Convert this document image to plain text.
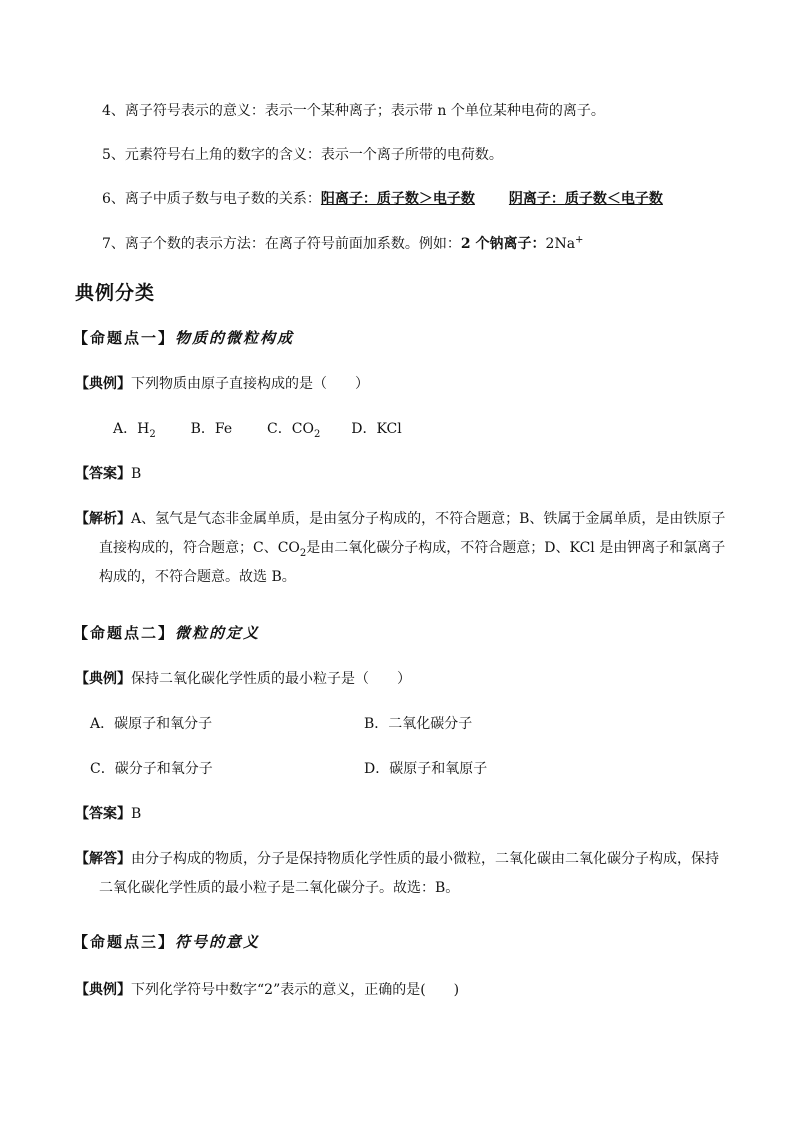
4、离子符号表示的意义：表示一个某种离子；表示带 n 个单位某种电荷的离子。
5、元素符号右上角的数字的含义：表示一个离子所带的电荷数。
6、离子中质子数与电子数的关系：阳离子：质子数＞电子数 阴离子：质子数＜电子数
7、离子个数的表示方法：在离子符号前面加系数。例如：2 个钠离子：2Na+
典例分类
【命题点一】物质的微粒构成
【典例】下列物质由原子直接构成的是（　　）
A．$H_2$ B．Fe C．$CO_2$ D．KCl
【答案】B
【解析】A、氢气是气态非金属单质，是由氢分子构成的，不符合题意；B、铁属于金属单质，是由铁原子
直接构成的，符合题意；C、$CO_2$是由二氧化碳分子构成，不符合题意；D、KCl 是由钾离子和氯离子
构成的，不符合题意。故选 B。
【命题点二】微粒的定义
【典例】保持二氧化碳化学性质的最小粒子是（　　）
A．碳原子和氧分子	B．二氧化碳分子
C．碳分子和氧分子	D．碳原子和氧原子
【答案】B
【解答】由分子构成的物质，分子是保持物质化学性质的最小微粒，二氧化碳由二氧化碳分子构成，保持
二氧化碳化学性质的最小粒子是二氧化碳分子。故选：B。
【命题点三】符号的意义
【典例】下列化学符号中数字“2”表示的意义，正确的是(　　)
